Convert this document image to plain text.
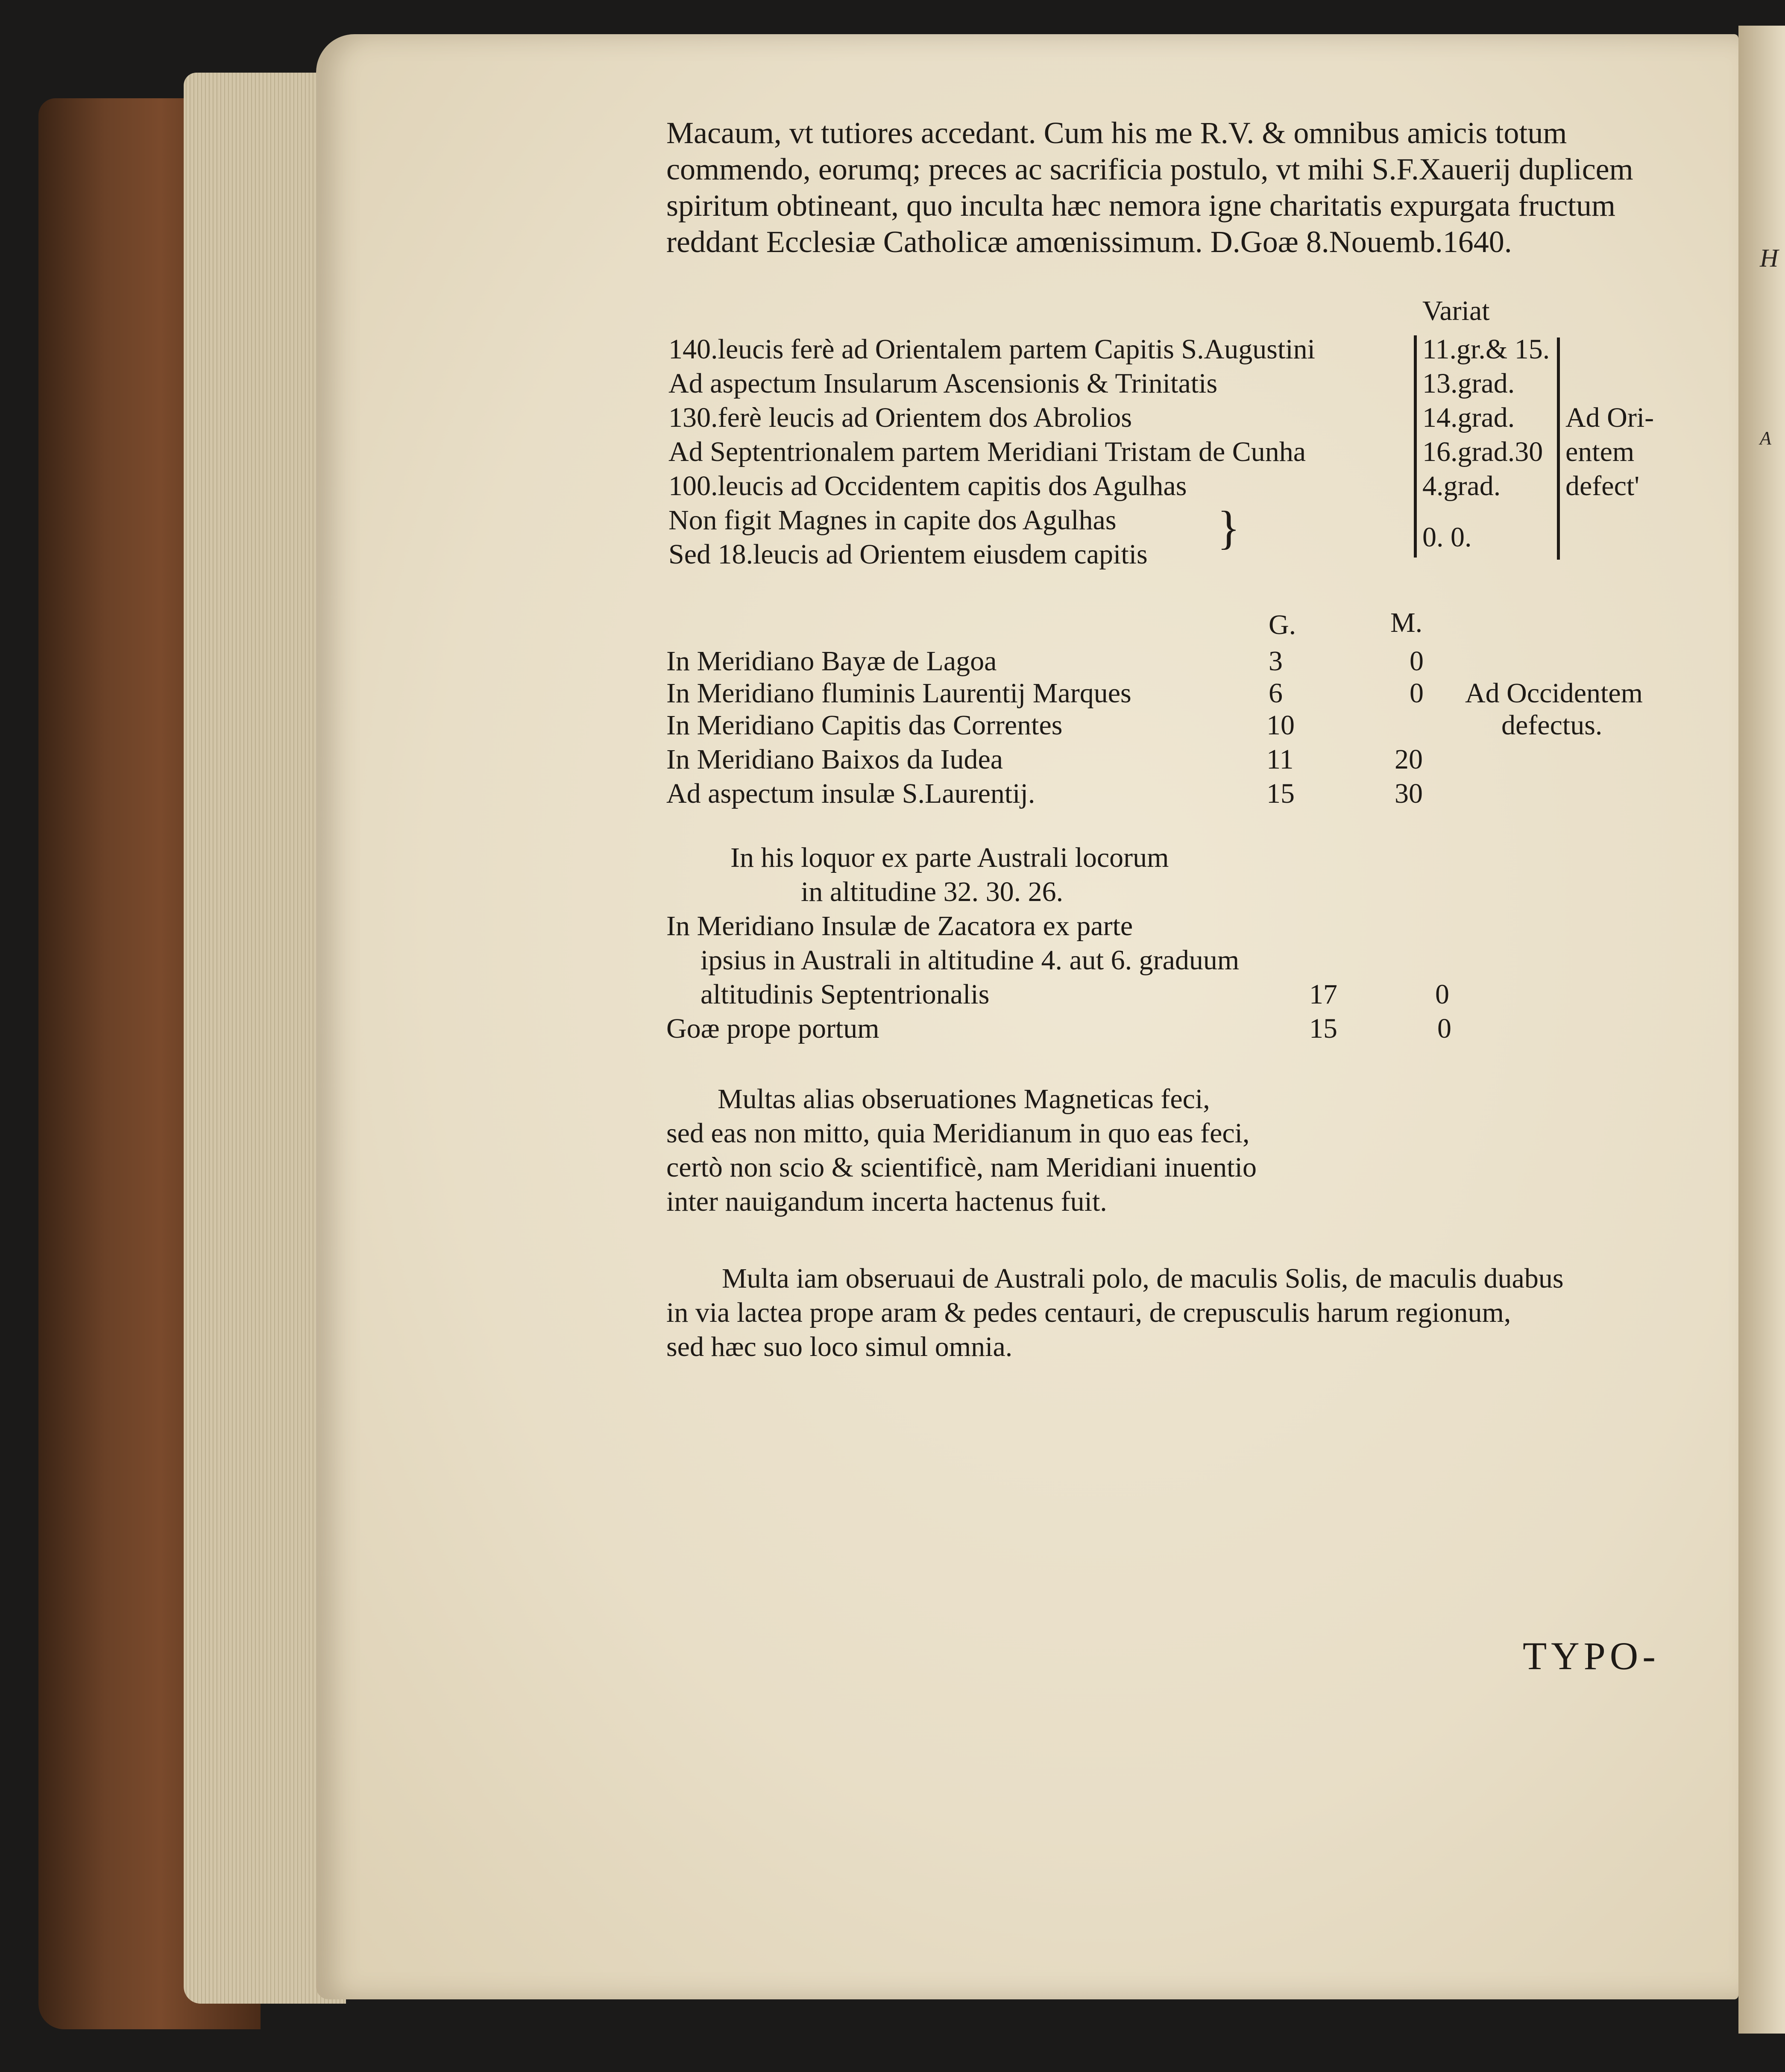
H
A
Macaum, vt tutiores accedant. Cum his me R.V. & omnibus amicis totum
commendo, eorumq; preces ac sacrificia postulo, vt mihi S.F.Xauerij duplicem
spiritum obtineant, quo inculta hæc nemora igne charitatis expurgata fructum
reddant Ecclesiæ Catholicæ amœnissimum. D.Goæ 8.Nouemb.1640.
Variat
140.leucis ferè ad Orientalem partem Capitis S.Augustini
Ad aspectum Insularum Ascensionis & Trinitatis
130.ferè leucis ad Orientem dos Abrolios
Ad Septentrionalem partem Meridiani Tristam de Cunha
100.leucis ad Occidentem capitis dos Agulhas
Non figit Magnes in capite dos Agulhas
Sed 18.leucis ad Orientem eiusdem capitis
}
11.gr.& 15.
13.grad.
14.grad.
16.grad.30
4.grad.
0. 0.
Ad Ori-
entem
defect'
G.	M.
In Meridiano Bayæ de Lagoa
In Meridiano fluminis Laurentij Marques
In Meridiano Capitis das Correntes
In Meridiano Baixos da Iudea
Ad aspectum insulæ S.Laurentij.
3
6
10
11
15
0
0
20
30
Ad Occidentem
defectus.
In his loquor ex parte Australi locorum
in altitudine 32. 30. 26.
In Meridiano Insulæ de Zacatora ex parte
ipsius in Australi in altitudine 4. aut 6. graduum
altitudinis Septentrionalis
Goæ prope portum
17
15
0
0
Multas alias obseruationes Magneticas feci,
sed eas non mitto, quia Meridianum in quo eas feci,
certò non scio & scientificè, nam Meridiani inuentio
inter nauigandum incerta hactenus fuit.
Multa iam obseruaui de Australi polo, de maculis Solis, de maculis duabus
in via lactea prope aram & pedes centauri, de crepusculis harum regionum,
sed hæc suo loco simul omnia.
TYPO-
